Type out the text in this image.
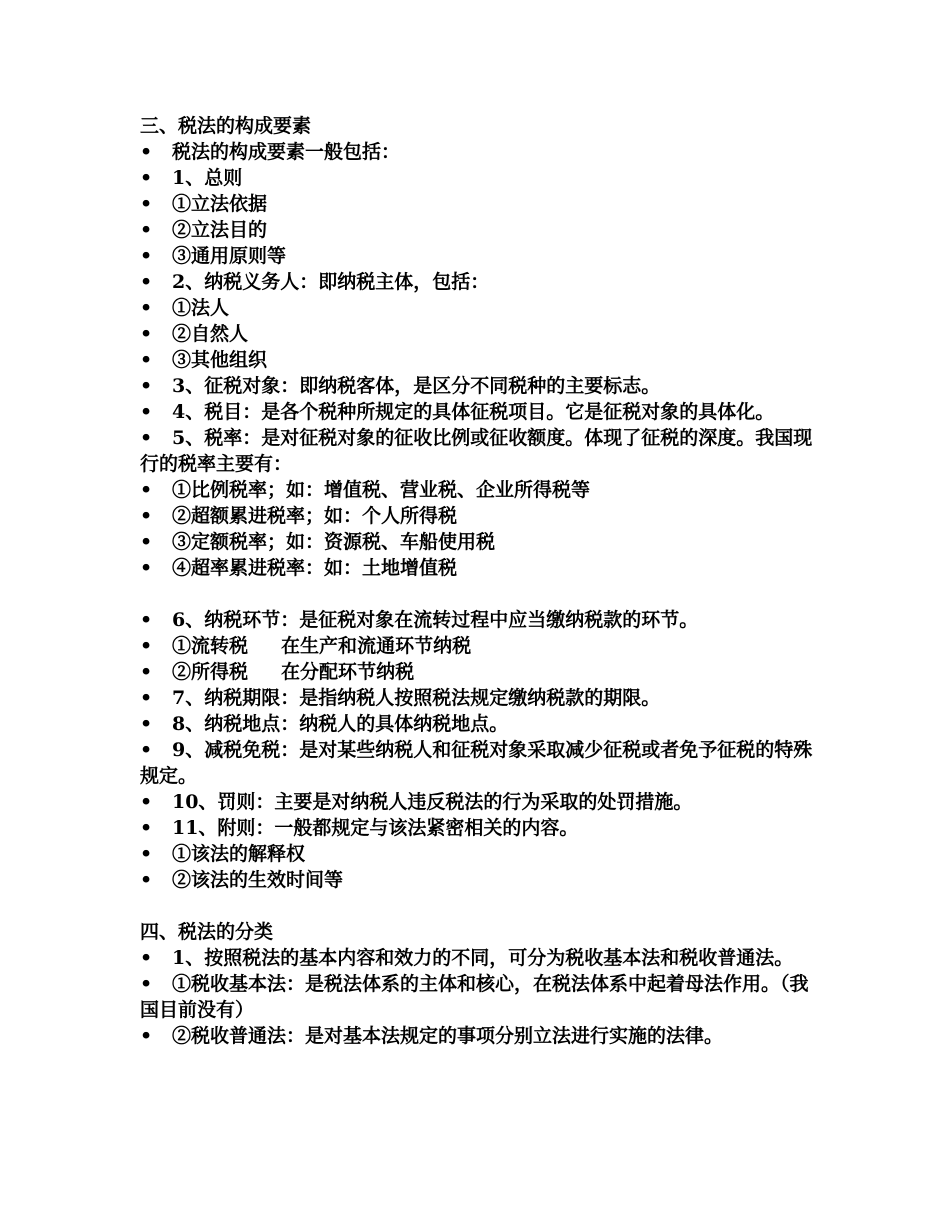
三、税法的构成要素

•   税法的构成要素一般包括：

•   1、总则

•   ①立法依据

•   ②立法目的

•   ③通用原则等

•   2、纳税义务人：即纳税主体，包括：

•   ①法人

•   ②自然人

•   ③其他组织

•   3、征税对象：即纳税客体，是区分不同税种的主要标志。

•   4、税目：是各个税种所规定的具体征税项目。它是征税对象的具体化。

•   5、税率：是对征税对象的征收比例或征收额度。体现了征税的深度。我国现行的税率主要有：

•   ①比例税率；如：增值税、营业税、企业所得税等

•   ②超额累进税率；如：个人所得税

•   ③定额税率；如：资源税、车船使用税

•   ④超率累进税率：如：土地增值税

•   6、纳税环节：是征税对象在流转过程中应当缴纳税款的环节。

•   ①流转税     在生产和流通环节纳税

•   ②所得税     在分配环节纳税

•   7、纳税期限：是指纳税人按照税法规定缴纳税款的期限。

•   8、纳税地点：纳税人的具体纳税地点。

•   9、减税免税：是对某些纳税人和征税对象采取减少征税或者免予征税的特殊规定。

•   10、罚则：主要是对纳税人违反税法的行为采取的处罚措施。

•   11、附则：一般都规定与该法紧密相关的内容。

•   ①该法的解释权

•   ②该法的生效时间等

四、税法的分类

•   1、按照税法的基本内容和效力的不同，可分为税收基本法和税收普通法。

•   ①税收基本法：是税法体系的主体和核心，在税法体系中起着母法作用。（我国目前没有）

•   ②税收普通法：是对基本法规定的事项分别立法进行实施的法律。
